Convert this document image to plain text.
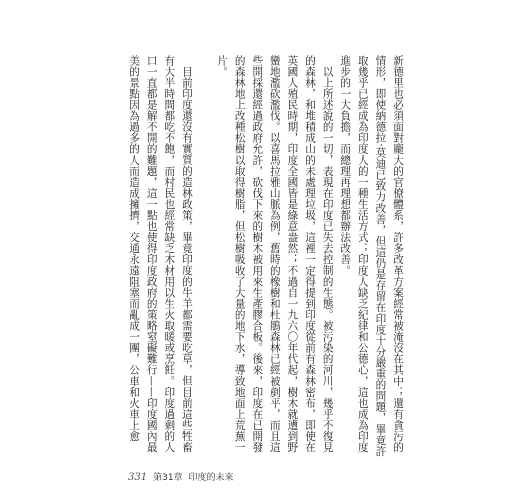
新德里也必須面對龐大的官僚體系，許多改革方案經常被淹沒在其中；還有貪污的情形，即使納德拉‧莫迪已致力改善，但這仍是存留在印度十分嚴重的問題，畢竟許取幾乎已經成為印度人的一種生活方式；印度人缺乏紀律和公德心，這也成為印度進步的一大負擔，而總理再理想都辦法改善。

以上所述說的一切，表現在印度已失去控制的生態。被污染的河川，幾乎不復見的森林，和堆積成山的未處理垃圾，這裡一定得提到印度從前有森林密布，即使在英國人殖民時期，印度全國皆是綠意盎然；不過自一九六〇年代起，樹木就遭到野蠻地濫砍濫伐。以喜馬拉雅山脈為例，舊時的橡樹和杜鵑森林已經被剷平，而且這些開採還經過政府允許，砍伐下來的樹木被用來生產膠合板。後來，印度在已開發的森林地上改種松樹以取得樹脂，但松樹吸收了大量的地下水，導致地面上荒蕪一片。

目前印度還沒有實質的造林政策，畢竟印度的牛羊都需要吃草，但目前這些牲畜有大半時間都吃不飽，而村民也經常缺乏木材用以生火取暖或烹飪。印度過剩的人口一直都是解不開的難題，這一點也使得印度政府的策略窒礙難行——印度國內最美的景點因為過多的人而造成擁擠，交通永遠阻塞而亂成一團，公車和火車上愈

331 第31章 印度的未來
